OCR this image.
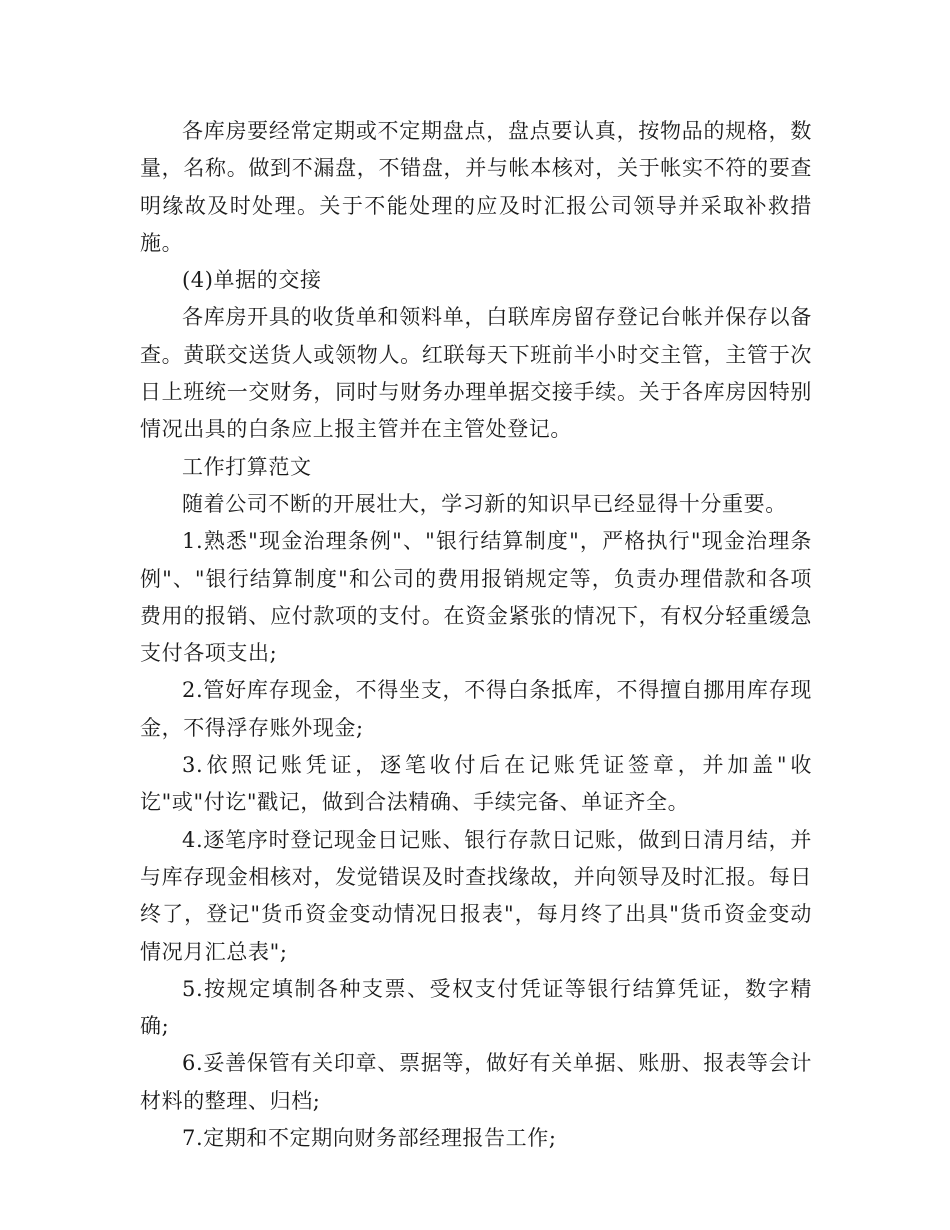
各库房要经常定期或不定期盘点，盘点要认真，按物品的规格，数量，名称。做到不漏盘，不错盘，并与帐本核对，关于帐实不符的要查明缘故及时处理。关于不能处理的应及时汇报公司领导并采取补救措施。

(4)单据的交接

各库房开具的收货单和领料单，白联库房留存登记台帐并保存以备查。黄联交送货人或领物人。红联每天下班前半小时交主管，主管于次日上班统一交财务，同时与财务办理单据交接手续。关于各库房因特别情况出具的白条应上报主管并在主管处登记。

工作打算范文

随着公司不断的开展壮大，学习新的知识早已经显得十分重要。

1.熟悉"现金治理条例"、"银行结算制度"，严格执行"现金治理条例"、"银行结算制度"和公司的费用报销规定等，负责办理借款和各项费用的报销、应付款项的支付。在资金紧张的情况下，有权分轻重缓急支付各项支出;

2.管好库存现金，不得坐支，不得白条抵库，不得擅自挪用库存现金，不得浮存账外现金;

3.依照记账凭证，逐笔收付后在记账凭证签章，并加盖"收讫"或"付讫"戳记，做到合法精确、手续完备、单证齐全。

4.逐笔序时登记现金日记账、银行存款日记账，做到日清月结，并与库存现金相核对，发觉错误及时查找缘故，并向领导及时汇报。每日终了，登记"货币资金变动情况日报表"，每月终了出具"货币资金变动情况月汇总表";

5.按规定填制各种支票、受权支付凭证等银行结算凭证，数字精确;

6.妥善保管有关印章、票据等，做好有关单据、账册、报表等会计材料的整理、归档;

7.定期和不定期向财务部经理报告工作;
